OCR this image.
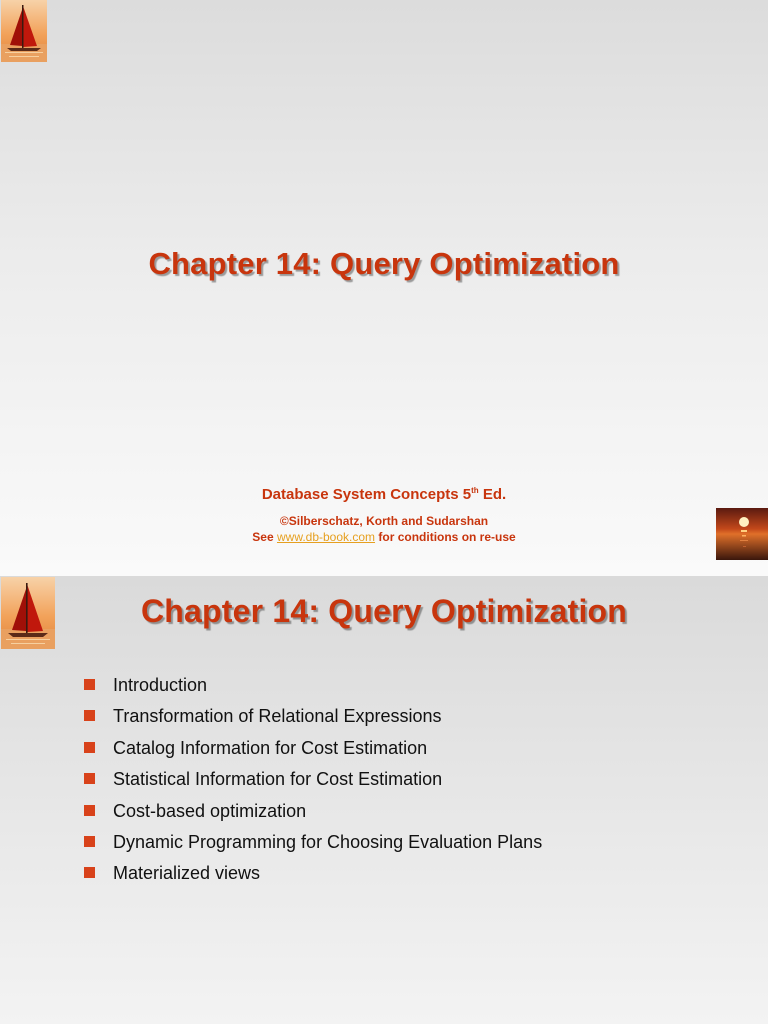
Chapter 14: Query Optimization
Database System Concepts 5th Ed.
©Silberschatz, Korth and Sudarshan
See www.db-book.com for conditions on re-use
Chapter 14: Query Optimization
Introduction
Transformation of Relational Expressions
Catalog Information for Cost Estimation
Statistical Information for Cost Estimation
Cost-based optimization
Dynamic Programming for Choosing Evaluation Plans
Materialized views
